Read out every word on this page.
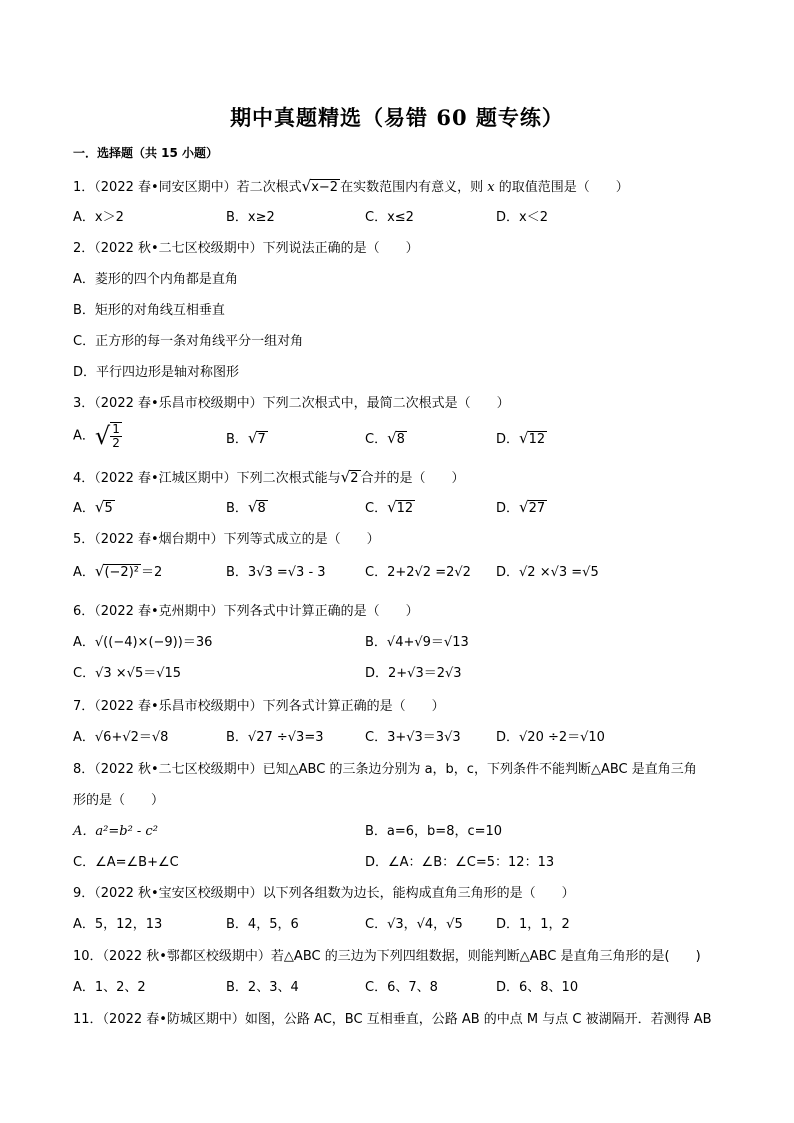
期中真题精选（易错 60 题专练）
一．选择题（共 15 小题）
1．（2022 春•同安区期中）若二次根式√x−2 在实数范围内有意义，则 x 的取值范围是（　　）
A．x＞2	B．x≥2	C．x≤2	D．x＜2
2．（2022 秋•二七区校级期中）下列说法正确的是（　　）
A．菱形的四个内角都是直角
B．矩形的对角线互相垂直
C．正方形的每一条对角线平分一组对角
D．平行四边形是轴对称图形
3．（2022 春•乐昌市校级期中）下列二次根式中，最简二次根式是（　　）
A．√ $\frac{1}{2}$	B．√7	C．√8	D．√12
4．（2022 春•江城区期中）下列二次根式能与√2 合并的是（　　）
A．√5	B．√8	C．√12	D．√27
5．（2022 春•烟台期中）下列等式成立的是（　　）
A．√(−2)² ＝2	B．3√3 =√3 - 3	C．2+2√2 =2√2 D．√2 ×√3 =√5
6．（2022 春•克州期中）下列各式中计算正确的是（　　）
A．√((−4)×(−9))＝36	B．√4+√9＝√13
C．√3 ×√5＝√15	D．2+√3＝2√3
7．（2022 春•乐昌市校级期中）下列各式计算正确的是（　　）
A．√6+√2＝√8	B．√27 ÷√3=3	C．3+√3＝3√3	D．√20 ÷2＝√10
8．（2022 秋•二七区校级期中）已知△ABC 的三条边分别为 a，b，c，下列条件不能判断△ABC 是直角三角
形的是（　　）
A．a²=b² - c²	B．a=6，b=8，c=10
C．∠A=∠B+∠C	D．∠A：∠B：∠C=5：12：13
9．（2022 秋•宝安区校级期中）以下列各组数为边长，能构成直角三角形的是（　　）
A．5，12，13	B．4，5，6	C．√3，√4，√5	D．1，1，2
10．（2022 秋•鄠都区校级期中）若△ABC 的三边为下列四组数据，则能判断△ABC 是直角三角形的是(　　)
A．1、2、2	B．2、3、4	C．6、7、8	D．6、8、10
11．（2022 春•防城区期中）如图，公路 AC，BC 互相垂直，公路 AB 的中点 M 与点 C 被湖隔开．若测得 AB
